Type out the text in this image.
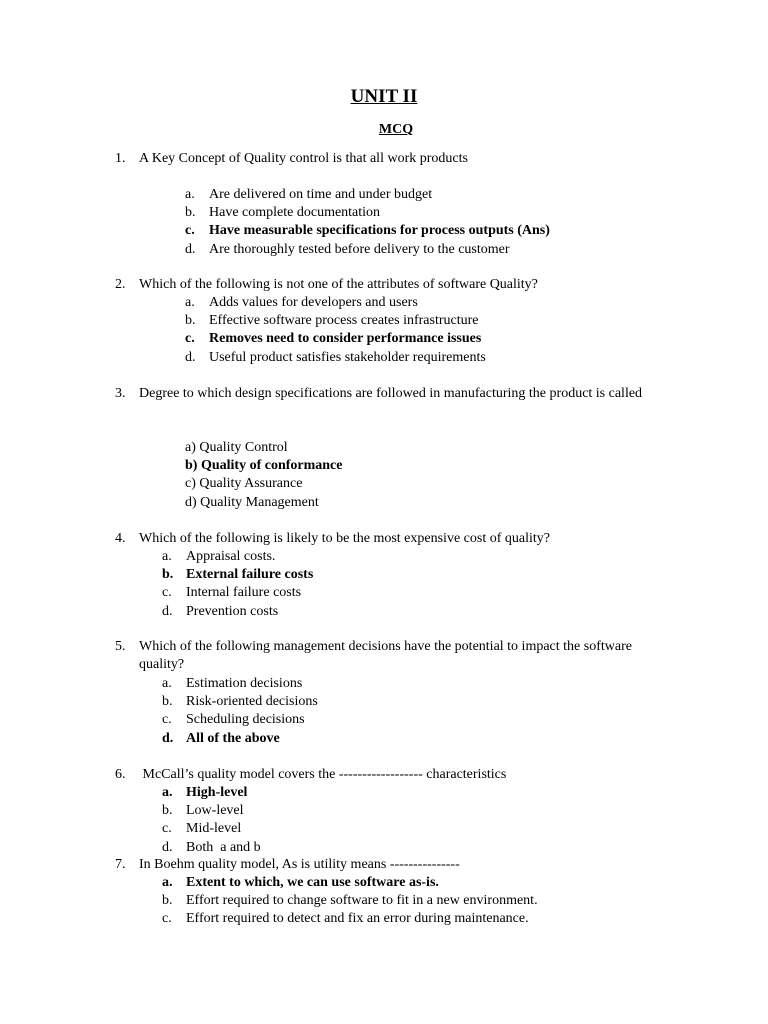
UNIT II
MCQ
1. A Key Concept of Quality control is that all work products
a. Are delivered on time and under budget
b. Have complete documentation
c. Have measurable specifications for process outputs (Ans)
d. Are thoroughly tested before delivery to the customer
2. Which of the following is not one of the attributes of software Quality?
a. Adds values for developers and users
b. Effective software process creates infrastructure
c. Removes need to consider performance issues
d. Useful product satisfies stakeholder requirements
3. Degree to which design specifications are followed in manufacturing the product is called
a) Quality Control
b) Quality of conformance
c) Quality Assurance
d) Quality Management
4. Which of the following is likely to be the most expensive cost of quality?
a. Appraisal costs.
b. External failure costs
c. Internal failure costs
d. Prevention costs
5. Which of the following management decisions have the potential to impact the software quality?
a. Estimation decisions
b. Risk-oriented decisions
c. Scheduling decisions
d. All of the above
6. McCall’s quality model covers the ------------------ characteristics
a. High-level
b. Low-level
c. Mid-level
d. Both  a and b
7. In Boehm quality model, As is utility means ---------------
a. Extent to which, we can use software as-is.
b. Effort required to change software to fit in a new environment.
c. Effort required to detect and fix an error during maintenance.
